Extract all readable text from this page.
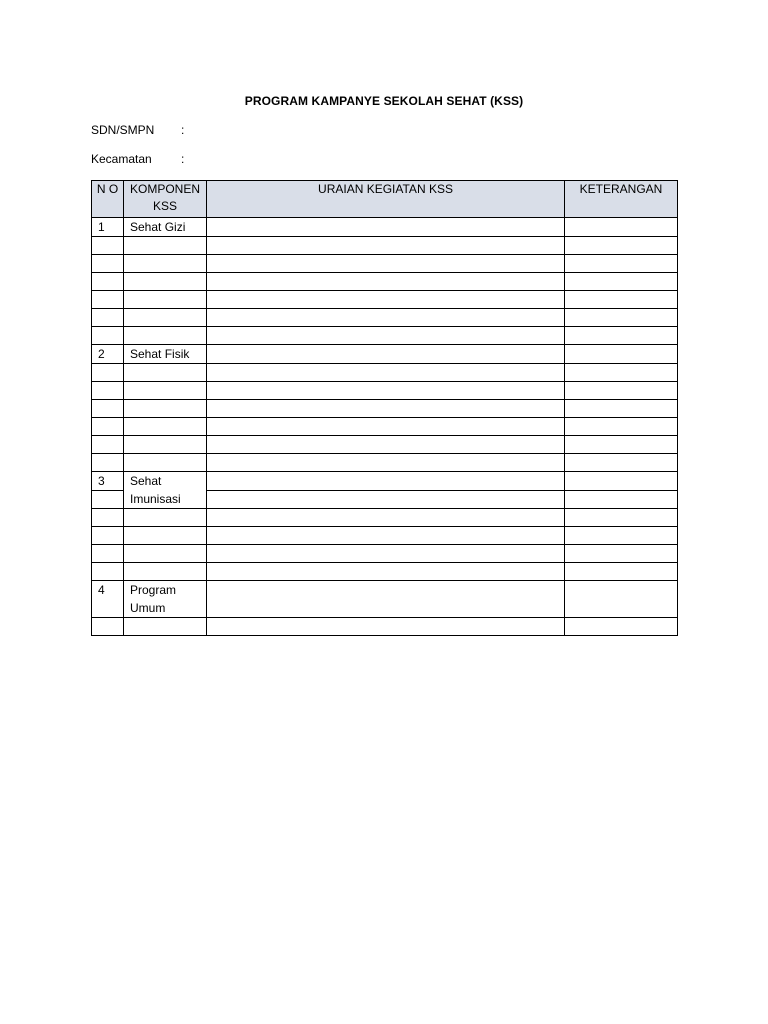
PROGRAM KAMPANYE SEKOLAH SEHAT (KSS)
SDN/SMPN :
Kecamatan :
N O	KOMPONEN KSS	URAIAN KEGIATAN KSS	KETERANGAN
1	Sehat Gizi		

2	Sehat Fisik		

3	Sehat Imunisasi		

4	Program Umum		
